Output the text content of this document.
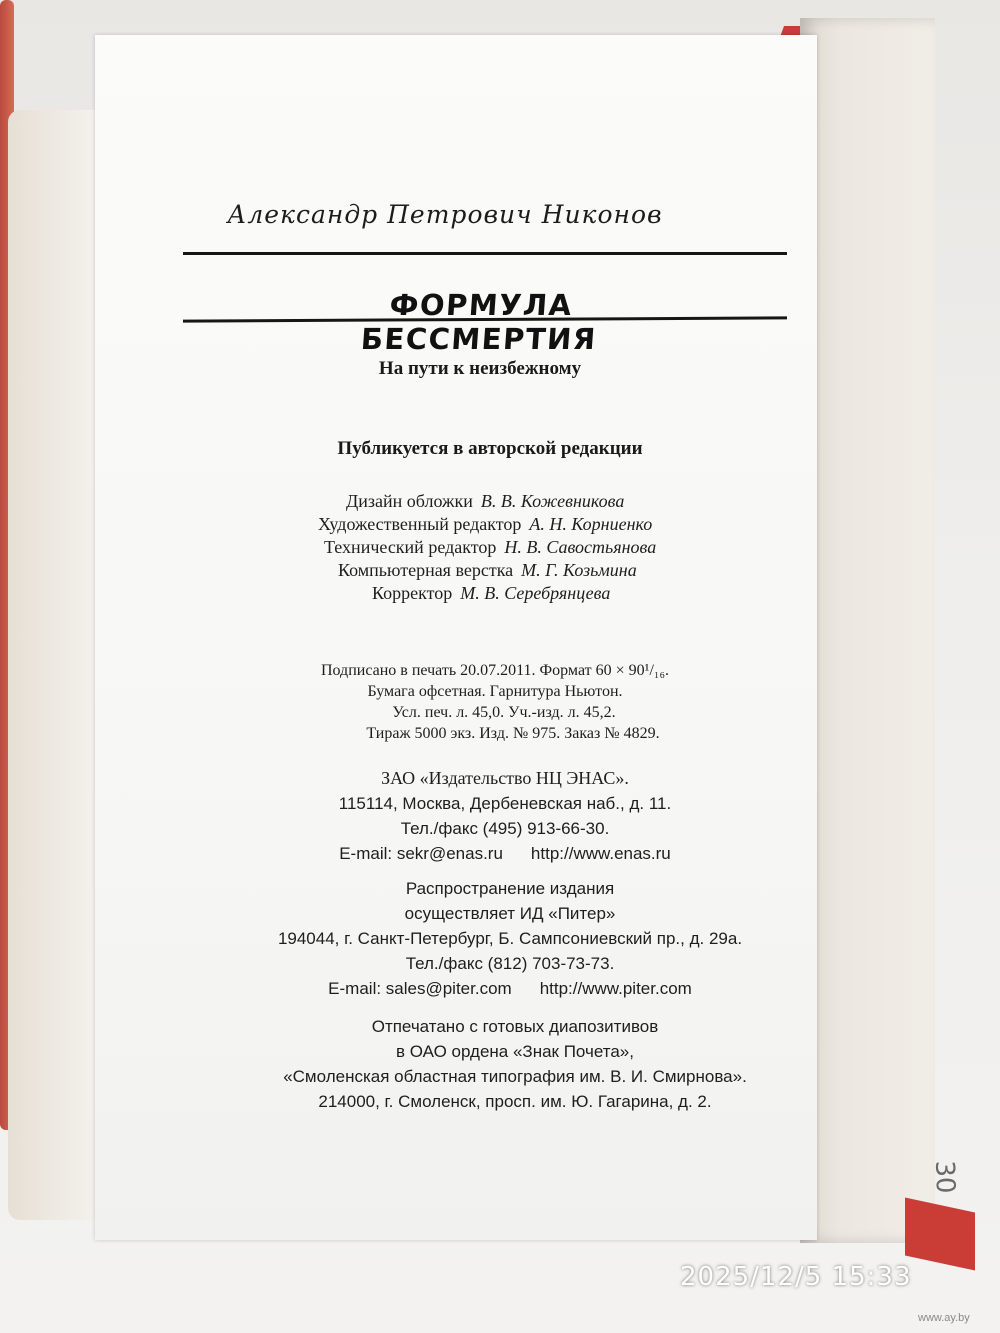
Александр Петрович Никонов
ФОРМУЛА БЕССМЕРТИЯ
На пути к неизбежному
Публикуется в авторской редакции
Дизайн обложки В. В. Кожевникова
Художественный редактор А. Н. Корниенко
Технический редактор Н. В. Савостьянова
Компьютерная верстка М. Г. Козьмина
Корректор М. В. Серебрянцева
Подписано в печать 20.07.2011. Формат 60 × 90¹/₁₆.
Бумага офсетная. Гарнитура Ньютон.
Усл. печ. л. 45,0. Уч.-изд. л. 45,2.
Тираж 5000 экз. Изд. № 975. Заказ № 4829.
ЗАО «Издательство НЦ ЭНАС».
115114, Москва, Дербеневская наб., д. 11.
Тел./факс (495) 913-66-30.
E-mail: sekr@enas.ru http://www.enas.ru
Распространение издания
осуществляет ИД «Питер»
194044, г. Санкт-Петербург, Б. Сампсониевский пр., д. 29а.
Тел./факс (812) 703-73-73.
E-mail: sales@piter.com http://www.piter.com
Отпечатано с готовых диапозитивов
в ОАО ордена «Знак Почета»,
«Смоленская областная типография им. В. И. Смирнова».
214000, г. Смоленск, просп. им. Ю. Гагарина, д. 2.
30
2025/12/5 15:33
www.ay.by
